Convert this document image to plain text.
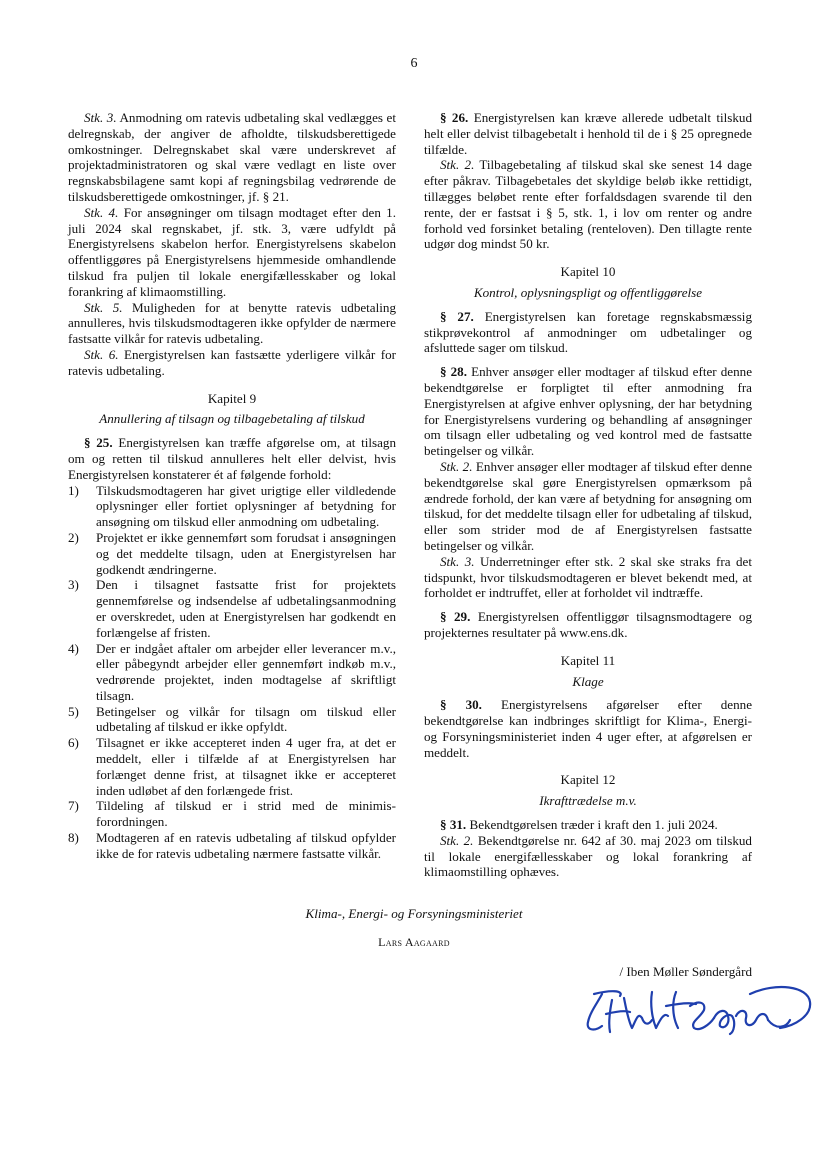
6

Stk. 3. Anmodning om ratevis udbetaling skal vedlægges et delregnskab, der angiver de afholdte, tilskudsberettigede omkostninger. Delregnskabet skal være underskrevet af projektadministratoren og skal være vedlagt en liste over regnskabsbilagene samt kopi af regningsbilag vedrørende de tilskudsberettigede omkostninger, jf. § 21.

Stk. 4. For ansøgninger om tilsagn modtaget efter den 1. juli 2024 skal regnskabet, jf. stk. 3, være udfyldt på Energistyrelsens skabelon herfor. Energistyrelsens skabelon offentliggøres på Energistyrelsens hjemmeside omhandlende tilskud fra puljen til lokale energifællesskaber og lokal forankring af klimaomstilling.

Stk. 5. Muligheden for at benytte ratevis udbetaling annulleres, hvis tilskudsmodtageren ikke opfylder de nærmere fastsatte vilkår for ratevis udbetaling.

Stk. 6. Energistyrelsen kan fastsætte yderligere vilkår for ratevis udbetaling.

Kapitel 9
Annullering af tilsagn og tilbagebetaling af tilskud

§ 25. Energistyrelsen kan træffe afgørelse om, at tilsagn om og retten til tilskud annulleres helt eller delvist, hvis Energistyrelsen konstaterer ét af følgende forhold:

1)	Tilskudsmodtageren har givet urigtige eller vildledende oplysninger eller fortiet oplysninger af betydning for ansøgning om tilskud eller anmodning om udbetaling.
2)	Projektet er ikke gennemført som forudsat i ansøgningen og det meddelte tilsagn, uden at Energistyrelsen har godkendt ændringerne.
3)	Den i tilsagnet fastsatte frist for projektets gennemførelse og indsendelse af udbetalingsanmodning er overskredet, uden at Energistyrelsen har godkendt en forlængelse af fristen.
4)	Der er indgået aftaler om arbejder eller leverancer m.v., eller påbegyndt arbejder eller gennemført indkøb m.v., vedrørende projektet, inden modtagelse af skriftligt tilsagn.
5)	Betingelser og vilkår for tilsagn om tilskud eller udbetaling af tilskud er ikke opfyldt.
6)	Tilsagnet er ikke accepteret inden 4 uger fra, at det er meddelt, eller i tilfælde af at Energistyrelsen har forlænget denne frist, at tilsagnet ikke er accepteret inden udløbet af den forlængede frist.
7)	Tildeling af tilskud er i strid med de minimis-forordningen.
8)	Modtageren af en ratevis udbetaling af tilskud opfylder ikke de for ratevis udbetaling nærmere fastsatte vilkår.

§ 26. Energistyrelsen kan kræve allerede udbetalt tilskud helt eller delvist tilbagebetalt i henhold til de i § 25 opregnede tilfælde.

Stk. 2. Tilbagebetaling af tilskud skal ske senest 14 dage efter påkrav. Tilbagebetales det skyldige beløb ikke rettidigt, tillægges beløbet rente efter forfaldsdagen svarende til den rente, der er fastsat i § 5, stk. 1, i lov om renter og andre forhold ved forsinket betaling (renteloven). Den tillagte rente udgør dog mindst 50 kr.

Kapitel 10
Kontrol, oplysningspligt og offentliggørelse

§ 27. Energistyrelsen kan foretage regnskabsmæssig stikprøvekontrol af anmodninger om udbetalinger og afsluttede sager om tilskud.

§ 28. Enhver ansøger eller modtager af tilskud efter denne bekendtgørelse er forpligtet til efter anmodning fra Energistyrelsen at afgive enhver oplysning, der har betydning for Energistyrelsens vurdering og behandling af ansøgninger om tilsagn eller udbetaling og ved kontrol med de fastsatte betingelser og vilkår.

Stk. 2. Enhver ansøger eller modtager af tilskud efter denne bekendtgørelse skal gøre Energistyrelsen opmærksom på ændrede forhold, der kan være af betydning for ansøgning om tilskud, for det meddelte tilsagn eller for udbetaling af tilskud, eller som strider mod de af Energistyrelsen fastsatte betingelser og vilkår.

Stk. 3. Underretninger efter stk. 2 skal ske straks fra det tidspunkt, hvor tilskudsmodtageren er blevet bekendt med, at forholdet er indtruffet, eller at forholdet vil indtræffe.

§ 29. Energistyrelsen offentliggør tilsagnsmodtagere og projekternes resultater på www.ens.dk.

Kapitel 11
Klage

§ 30. Energistyrelsens afgørelser efter denne bekendtgørelse kan indbringes skriftligt for Klima-, Energi- og Forsyningsministeriet inden 4 uger efter, at afgørelsen er meddelt.

Kapitel 12
Ikrafttrædelse m.v.

§ 31. Bekendtgørelsen træder i kraft den 1. juli 2024.

Stk. 2. Bekendtgørelse nr. 642 af 30. maj 2023 om tilskud til lokale energifællesskaber og lokal forankring af klimaomstilling ophæves.

Klima-, Energi- og Forsyningsministeriet
Lars Aagaard
/ Iben Møller Søndergård
